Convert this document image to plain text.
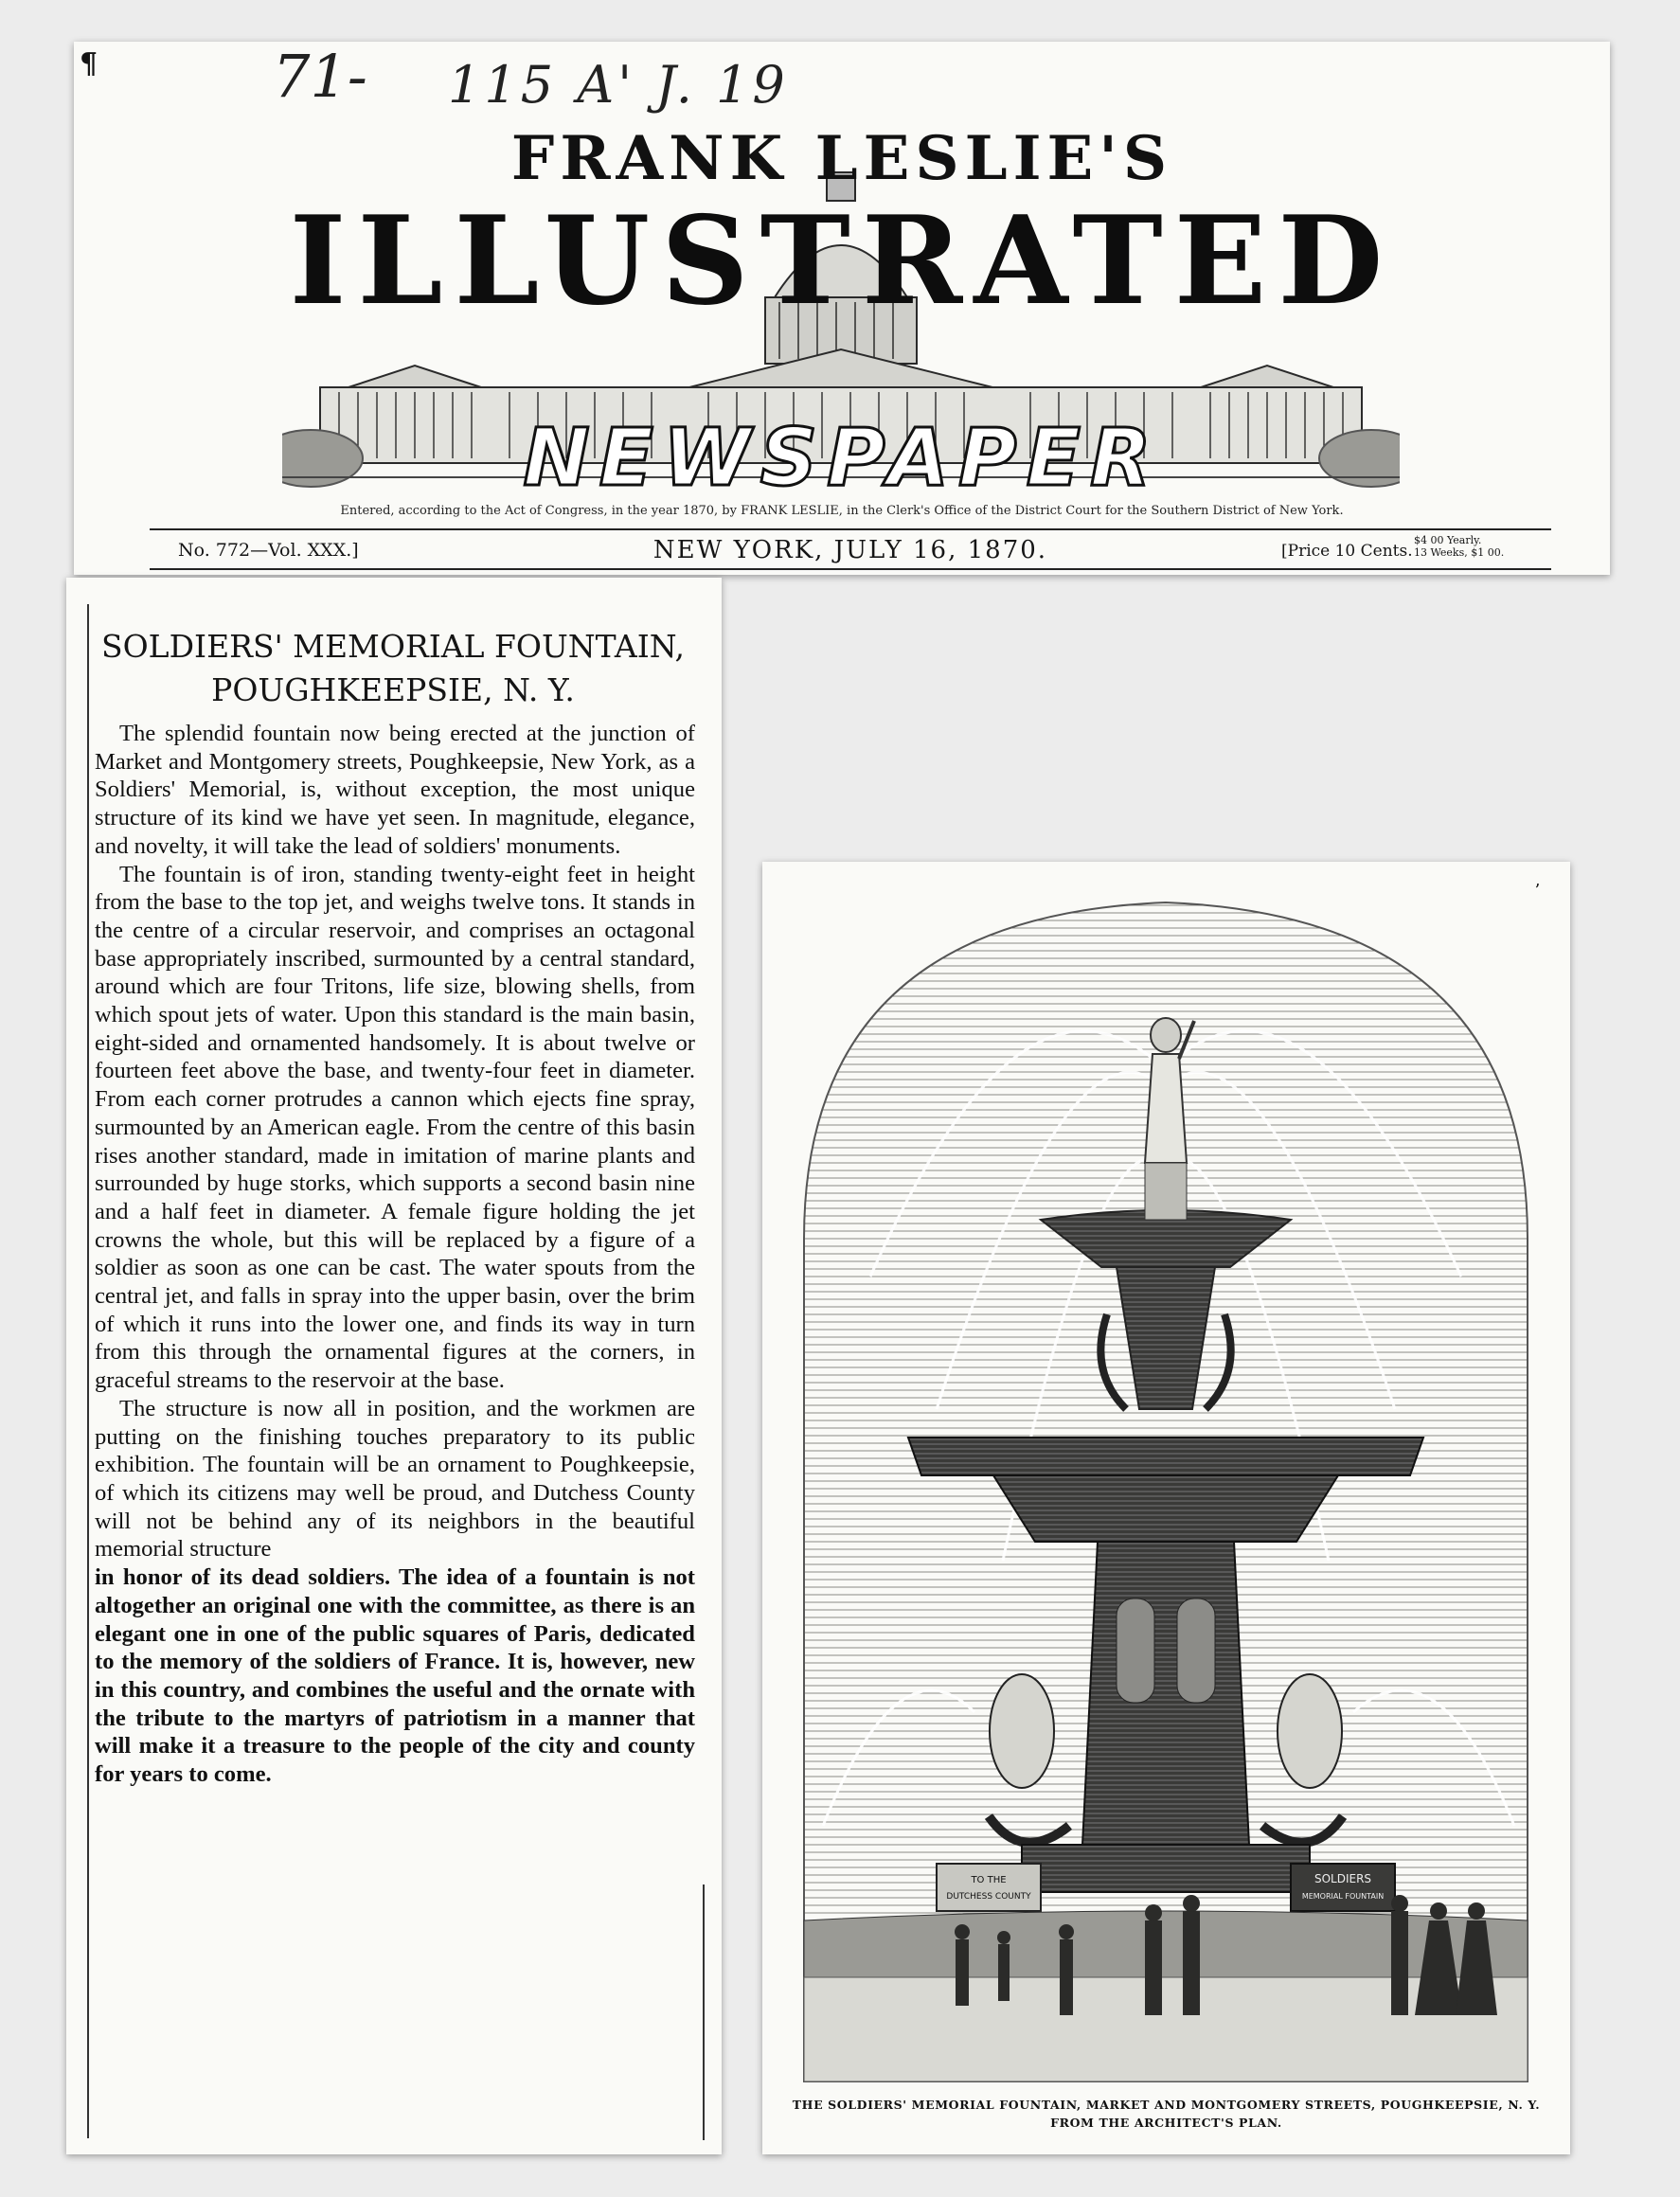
¶	71- 115 A' J. 19
FRANK LESLIE'S
ILLUSTRATED
NEWSPAPER
Entered, according to the Act of Congress, in the year 1870, by FRANK LESLIE, in the Clerk's Office of the District Court for the Southern District of New York.
No. 772—Vol. XXX.]	NEW YORK, JULY 16, 1870.	[Price 10 Cents.
$4 00 Yearly.
13 Weeks, $1 00.
SOLDIERS' MEMORIAL FOUNTAIN,
POUGHKEEPSIE, N. Y.

The splendid fountain now being erected at the junction of Market and Montgomery streets, Poughkeepsie, New York, as a Soldiers' Memorial, is, without exception, the most unique structure of its kind we have yet seen. In magnitude, elegance, and novelty, it will take the lead of soldiers' monuments.

The fountain is of iron, standing twenty-eight feet in height from the base to the top jet, and weighs twelve tons. It stands in the centre of a circular reservoir, and comprises an octagonal base appropriately inscribed, surmounted by a central standard, around which are four Tritons, life size, blowing shells, from which spout jets of water. Upon this standard is the main basin, eight-sided and ornamented handsomely. It is about twelve or fourteen feet above the base, and twenty-four feet in diameter. From each corner protrudes a cannon which ejects fine spray, surmounted by an American eagle. From the centre of this basin rises another standard, made in imitation of marine plants and surrounded by huge storks, which supports a second basin nine and a half feet in diameter. A female figure holding the jet crowns the whole, but this will be replaced by a figure of a soldier as soon as one can be cast. The water spouts from the central jet, and falls in spray into the upper basin, over the brim of which it runs into the lower one, and finds its way in turn from this through the ornamental figures at the corners, in graceful streams to the reservoir at the base.

The structure is now all in position, and the workmen are putting on the finishing touches preparatory to its public exhibition. The fountain will be an ornament to Poughkeepsie, of which its citizens may well be proud, and Dutchess County will not be behind any of its neighbors in the beautiful memorial structure

in honor of its dead soldiers. The idea of a fountain is not altogether an original one with the committee, as there is an elegant one in one of the public squares of Paris, dedicated to the memory of the soldiers of France. It is, however, new in this country, and combines the useful and the ornate with the tribute to the martyrs of patriotism in a manner that will make it a treasure to the people of the city and county for years to come.

ʼ
TO THE
DUTCHESS COUNTY
SOLDIERS
MEMORIAL FOUNTAIN
THE SOLDIERS' MEMORIAL FOUNTAIN, MARKET AND MONTGOMERY STREETS, POUGHKEEPSIE, N. Y.
FROM THE ARCHITECT'S PLAN.
